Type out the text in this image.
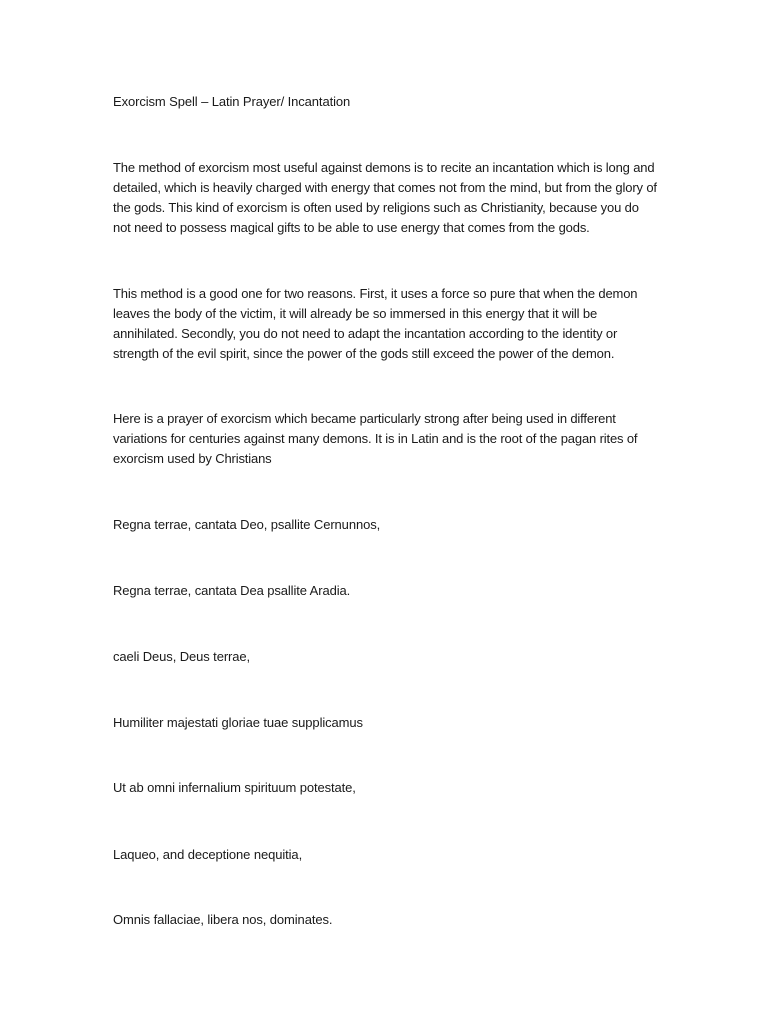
Exorcism Spell – Latin Prayer/ Incantation

The method of exorcism most useful against demons is to recite an incantation which is long and detailed, which is heavily charged with energy that comes not from the mind, but from the glory of the gods. This kind of exorcism is often used by religions such as Christianity, because you do not need to possess magical gifts to be able to use energy that comes from the gods.

This method is a good one for two reasons. First, it uses a force so pure that when the demon leaves the body of the victim, it will already be so immersed in this energy that it will be annihilated. Secondly, you do not need to adapt the incantation according to the identity or strength of the evil spirit, since the power of the gods still exceed the power of the demon.

Here is a prayer of exorcism which became particularly strong after being used in different variations for centuries against many demons. It is in Latin and is the root of the pagan rites of exorcism used by Christians

Regna terrae, cantata Deo, psallite Cernunnos,
Regna terrae, cantata Dea psallite Aradia.
caeli Deus, Deus terrae,
Humiliter majestati gloriae tuae supplicamus
Ut ab omni infernalium spirituum potestate,
Laqueo, and deceptione nequitia,
Omnis fallaciae, libera nos, dominates.
